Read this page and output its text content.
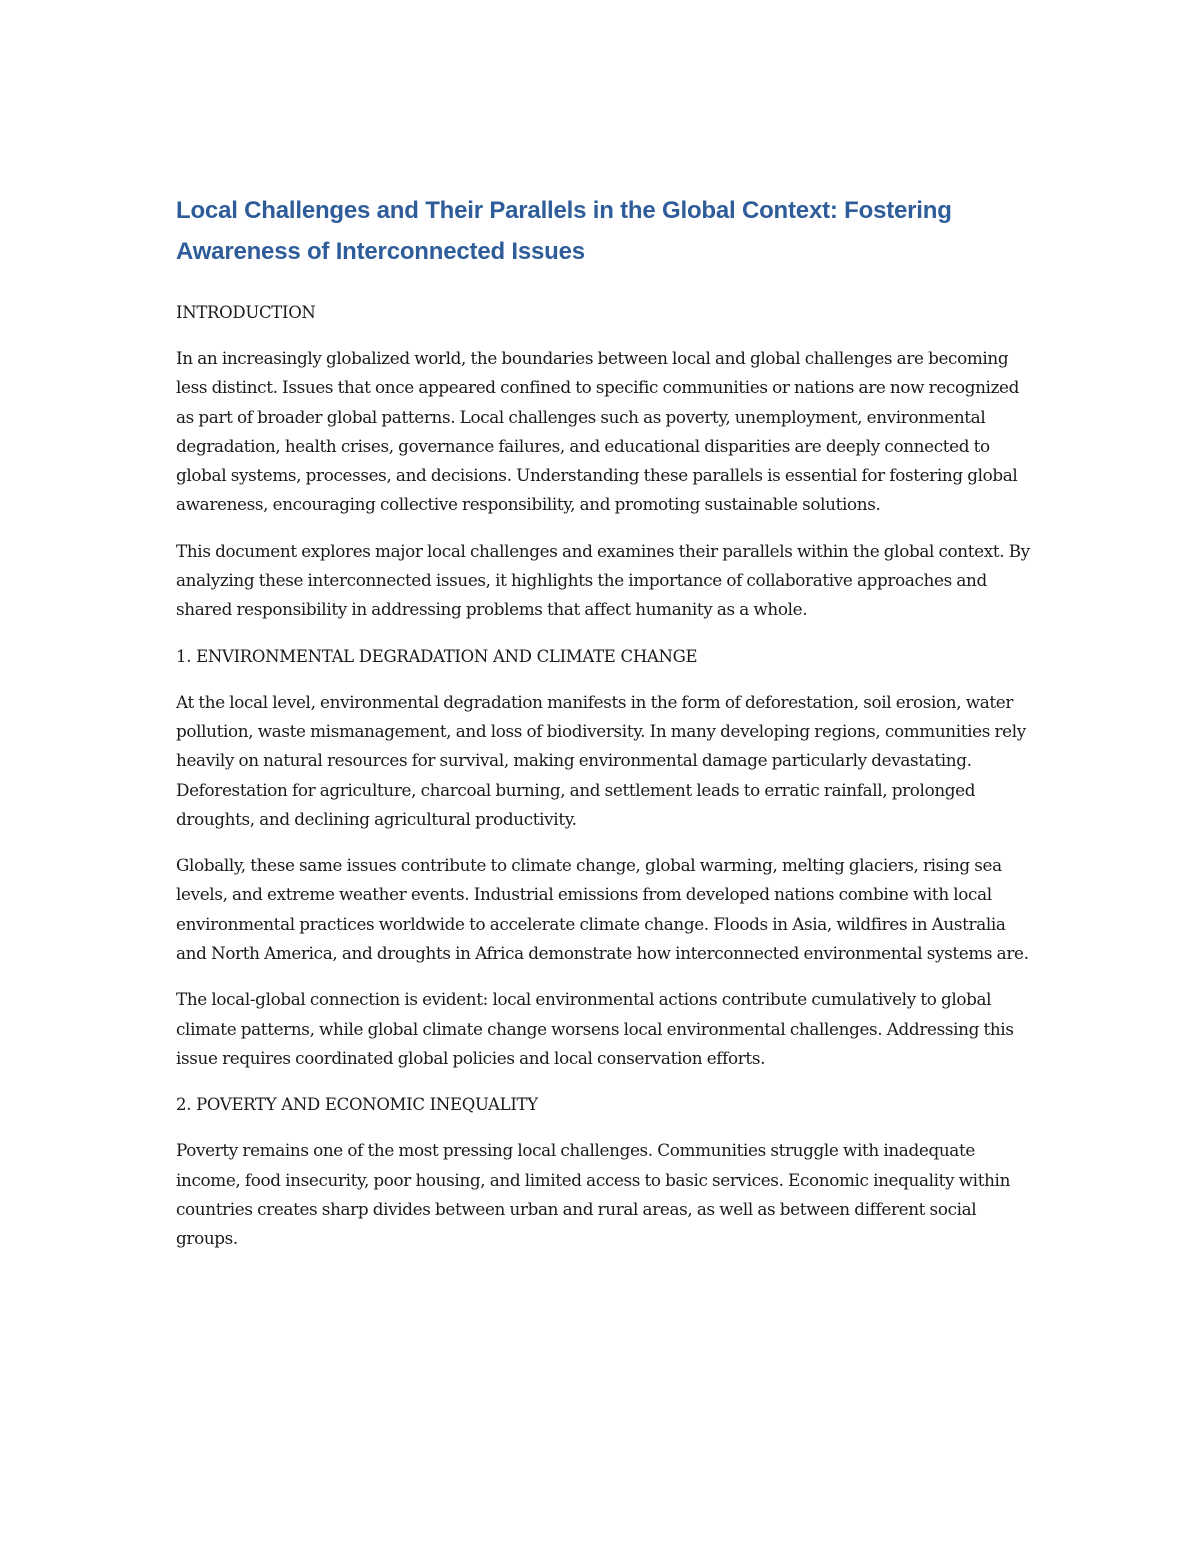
Local Challenges and Their Parallels in the Global Context: Fostering Awareness of Interconnected Issues

INTRODUCTION

In an increasingly globalized world, the boundaries between local and global challenges are becoming less distinct. Issues that once appeared confined to specific communities or nations are now recognized as part of broader global patterns. Local challenges such as poverty, unemployment, environmental degradation, health crises, governance failures, and educational disparities are deeply connected to global systems, processes, and decisions. Understanding these parallels is essential for fostering global awareness, encouraging collective responsibility, and promoting sustainable solutions.

This document explores major local challenges and examines their parallels within the global context. By analyzing these interconnected issues, it highlights the importance of collaborative approaches and shared responsibility in addressing problems that affect humanity as a whole.

1. ENVIRONMENTAL DEGRADATION AND CLIMATE CHANGE

At the local level, environmental degradation manifests in the form of deforestation, soil erosion, water pollution, waste mismanagement, and loss of biodiversity. In many developing regions, communities rely heavily on natural resources for survival, making environmental damage particularly devastating. Deforestation for agriculture, charcoal burning, and settlement leads to erratic rainfall, prolonged droughts, and declining agricultural productivity.

Globally, these same issues contribute to climate change, global warming, melting glaciers, rising sea levels, and extreme weather events. Industrial emissions from developed nations combine with local environmental practices worldwide to accelerate climate change. Floods in Asia, wildfires in Australia and North America, and droughts in Africa demonstrate how interconnected environmental systems are.

The local-global connection is evident: local environmental actions contribute cumulatively to global climate patterns, while global climate change worsens local environmental challenges. Addressing this issue requires coordinated global policies and local conservation efforts.

2. POVERTY AND ECONOMIC INEQUALITY

Poverty remains one of the most pressing local challenges. Communities struggle with inadequate income, food insecurity, poor housing, and limited access to basic services. Economic inequality within countries creates sharp divides between urban and rural areas, as well as between different social groups.
